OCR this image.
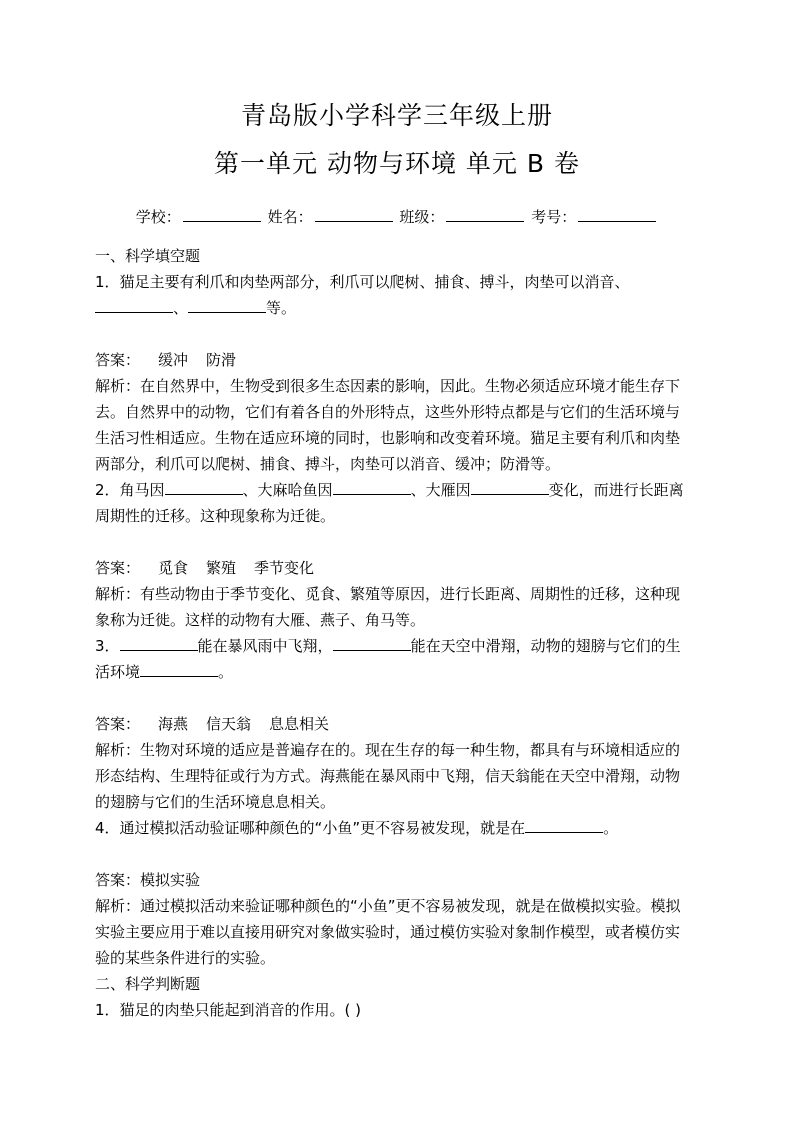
青岛版小学科学三年级上册
第一单元 动物与环境 单元 B 卷
学校：	姓名：	班级：	考号：
一、科学填空题
1．猫足主要有利爪和肉垫两部分，利爪可以爬树、捕食、搏斗，肉垫可以消音、
、	等。
答案： 缓冲 防滑
解析：在自然界中，生物受到很多生态因素的影响，因此。生物必须适应环境才能生存下
去。自然界中的动物，它们有着各自的外形特点，这些外形特点都是与它们的生活环境与
生活习性相适应。生物在适应环境的同时，也影响和改变着环境。猫足主要有利爪和肉垫
两部分，利爪可以爬树、捕食、搏斗，肉垫可以消音、缓冲；防滑等。
2．角马因	、大麻哈鱼因	、大雁因	变化，而进行长距离
周期性的迁移。这种现象称为迁徙。
答案： 觅食 繁殖 季节变化
解析：有些动物由于季节变化、觅食、繁殖等原因，进行长距离、周期性的迁移，这种现
象称为迁徙。这样的动物有大雁、燕子、角马等。
3．	能在暴风雨中飞翔，	能在天空中滑翔，动物的翅膀与它们的生
活环境	。
答案： 海燕 信天翁 息息相关
解析：生物对环境的适应是普遍存在的。现在生存的每一种生物，都具有与环境相适应的
形态结构、生理特征或行为方式。海燕能在暴风雨中飞翔，信天翁能在天空中滑翔，动物
的翅膀与它们的生活环境息息相关。
4．通过模拟活动验证哪种颜色的“小鱼”更不容易被发现，就是在	。
答案：模拟实验
解析：通过模拟活动来验证哪种颜色的“小鱼”更不容易被发现，就是在做模拟实验。模拟
实验主要应用于难以直接用研究对象做实验时，通过模仿实验对象制作模型，或者模仿实
验的某些条件进行的实验。
二、科学判断题
1．猫足的肉垫只能起到消音的作用。( )
